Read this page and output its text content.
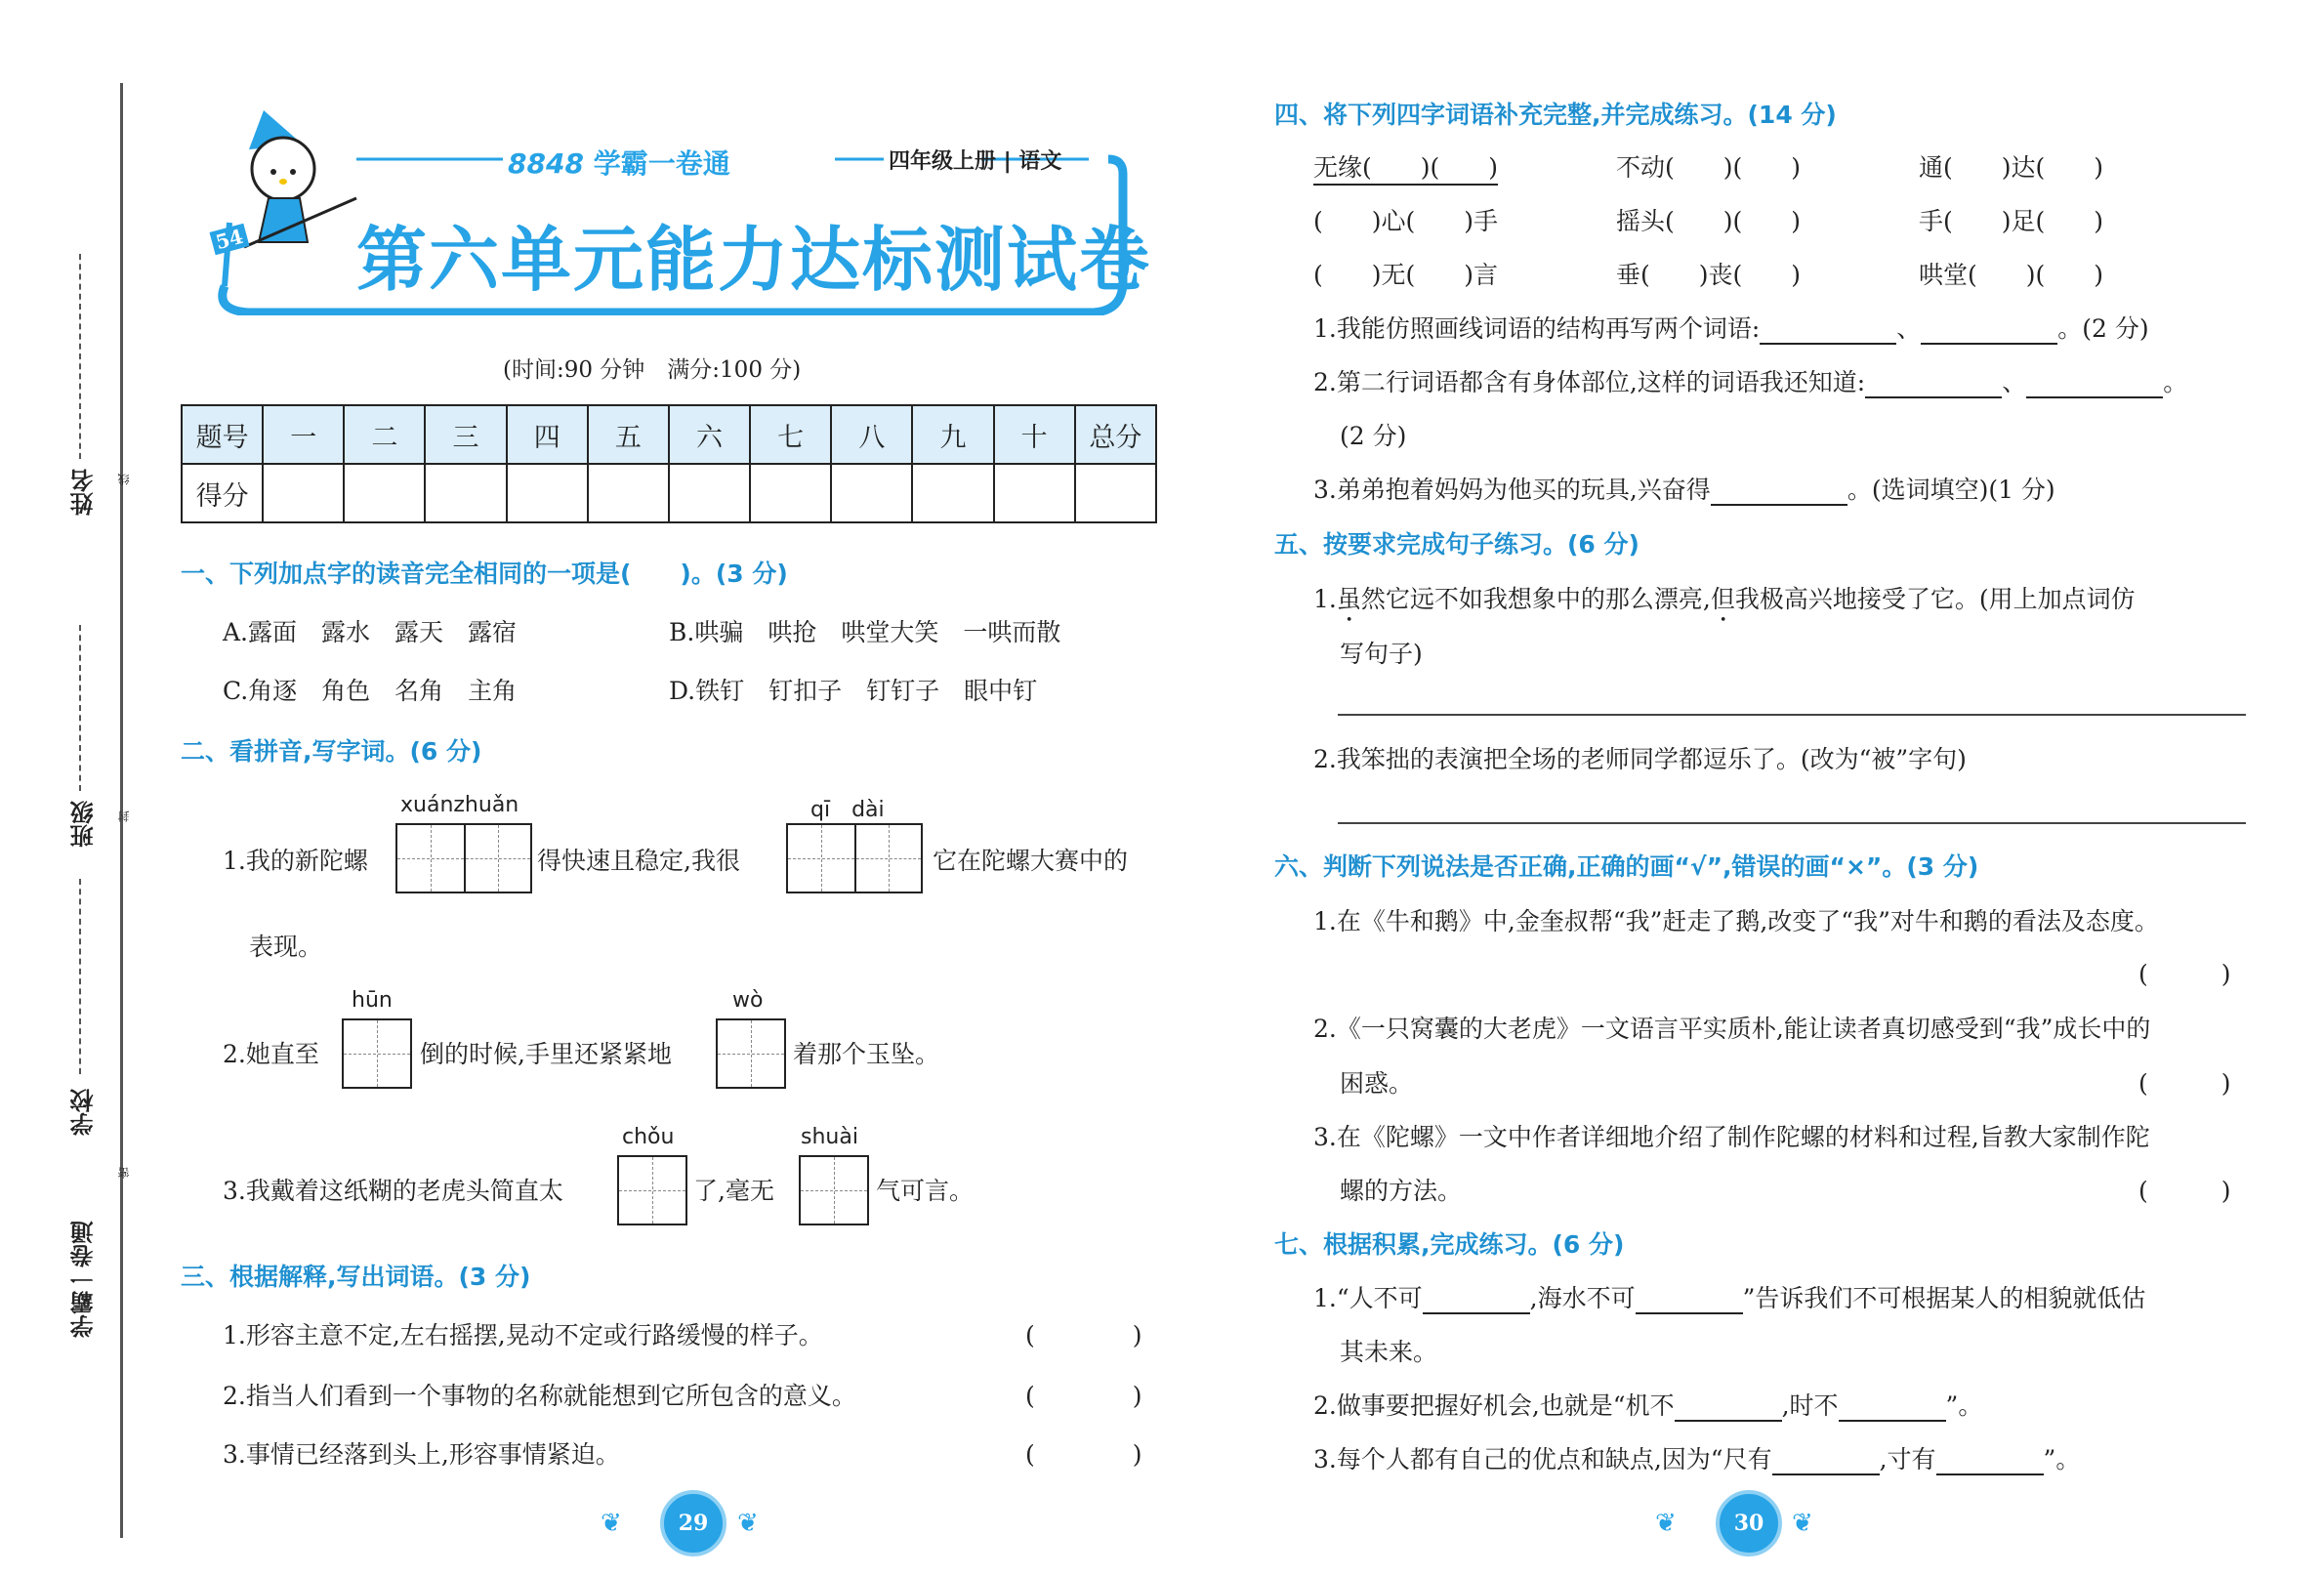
姓名
班级
学校
学霸一卷通
线
封
密
54
8848 学霸一卷通	四年级上册 | 语文
第六单元能力达标测试卷
(时间:90 分钟　满分:100 分)
题号	一	二	三	四	五	六	七	八	九	十	总分
得分											
一、下列加点字的读音完全相同的一项是(　　)。(3 分)
A.露面　露水　露天　露宿	B.哄骗　哄抢　哄堂大笑　一哄而散
C.角逐　角色　名角　主角	D.铁钉　钉扣子　钉钉子　眼中钉
二、看拼音,写字词。(6 分)
xuánzhuǎn	qī　dài
1.我的新陀螺	得快速且稳定,我很	它在陀螺大赛中的
表现。
hūn	wò
2.她直至	倒的时候,手里还紧紧地	着那个玉坠。
chǒu	shuài
3.我戴着这纸糊的老虎头简直太	了,毫无	气可言。
三、根据解释,写出词语。(3 分)
1.形容主意不定,左右摇摆,晃动不定或行路缓慢的样子。	(　　　　)
2.指当人们看到一个事物的名称就能想到它所包含的意义。	(　　　　)
3.事情已经落到头上,形容事情紧迫。	(　　　　)
❦	29	❦
四、将下列四字词语补充完整,并完成练习。(14 分)
无缘(　　)(　　)	不动(　　)(　　)	通(　　)达(　　)
(　　)心(　　)手	摇头(　　)(　　)	手(　　)足(　　)
(　　)无(　　)言	垂(　　)丧(　　)	哄堂(　　)(　　)
1.我能仿照画线词语的结构再写两个词语:	、	。(2 分)
2.第二行词语都含有身体部位,这样的词语我还知道:	、	。
(2 分)
3.弟弟抱着妈妈为他买的玩具,兴奋得	。(选词填空)(1 分)
五、按要求完成句子练习。(6 分)
1.虽然它远不如我想象中的那么漂亮,但我极高兴地接受了它。(用上加点词仿
写句子)
2.我笨拙的表演把全场的老师同学都逗乐了。(改为“被”字句)
六、判断下列说法是否正确,正确的画“√”,错误的画“×”。(3 分)
1.在《牛和鹅》中,金奎叔帮“我”赶走了鹅,改变了“我”对牛和鹅的看法及态度。
(　　　)
2.《一只窝囊的大老虎》一文语言平实质朴,能让读者真切感受到“我”成长中的
困惑。	(　　　)
3.在《陀螺》一文中作者详细地介绍了制作陀螺的材料和过程,旨教大家制作陀
螺的方法。	(　　　)
七、根据积累,完成练习。(6 分)
1.“人不可	,海水不可	”告诉我们不可根据某人的相貌就低估
其未来。
2.做事要把握好机会,也就是“机不	,时不	”。
3.每个人都有自己的优点和缺点,因为“尺有	,寸有	”。
❦	30	❦
